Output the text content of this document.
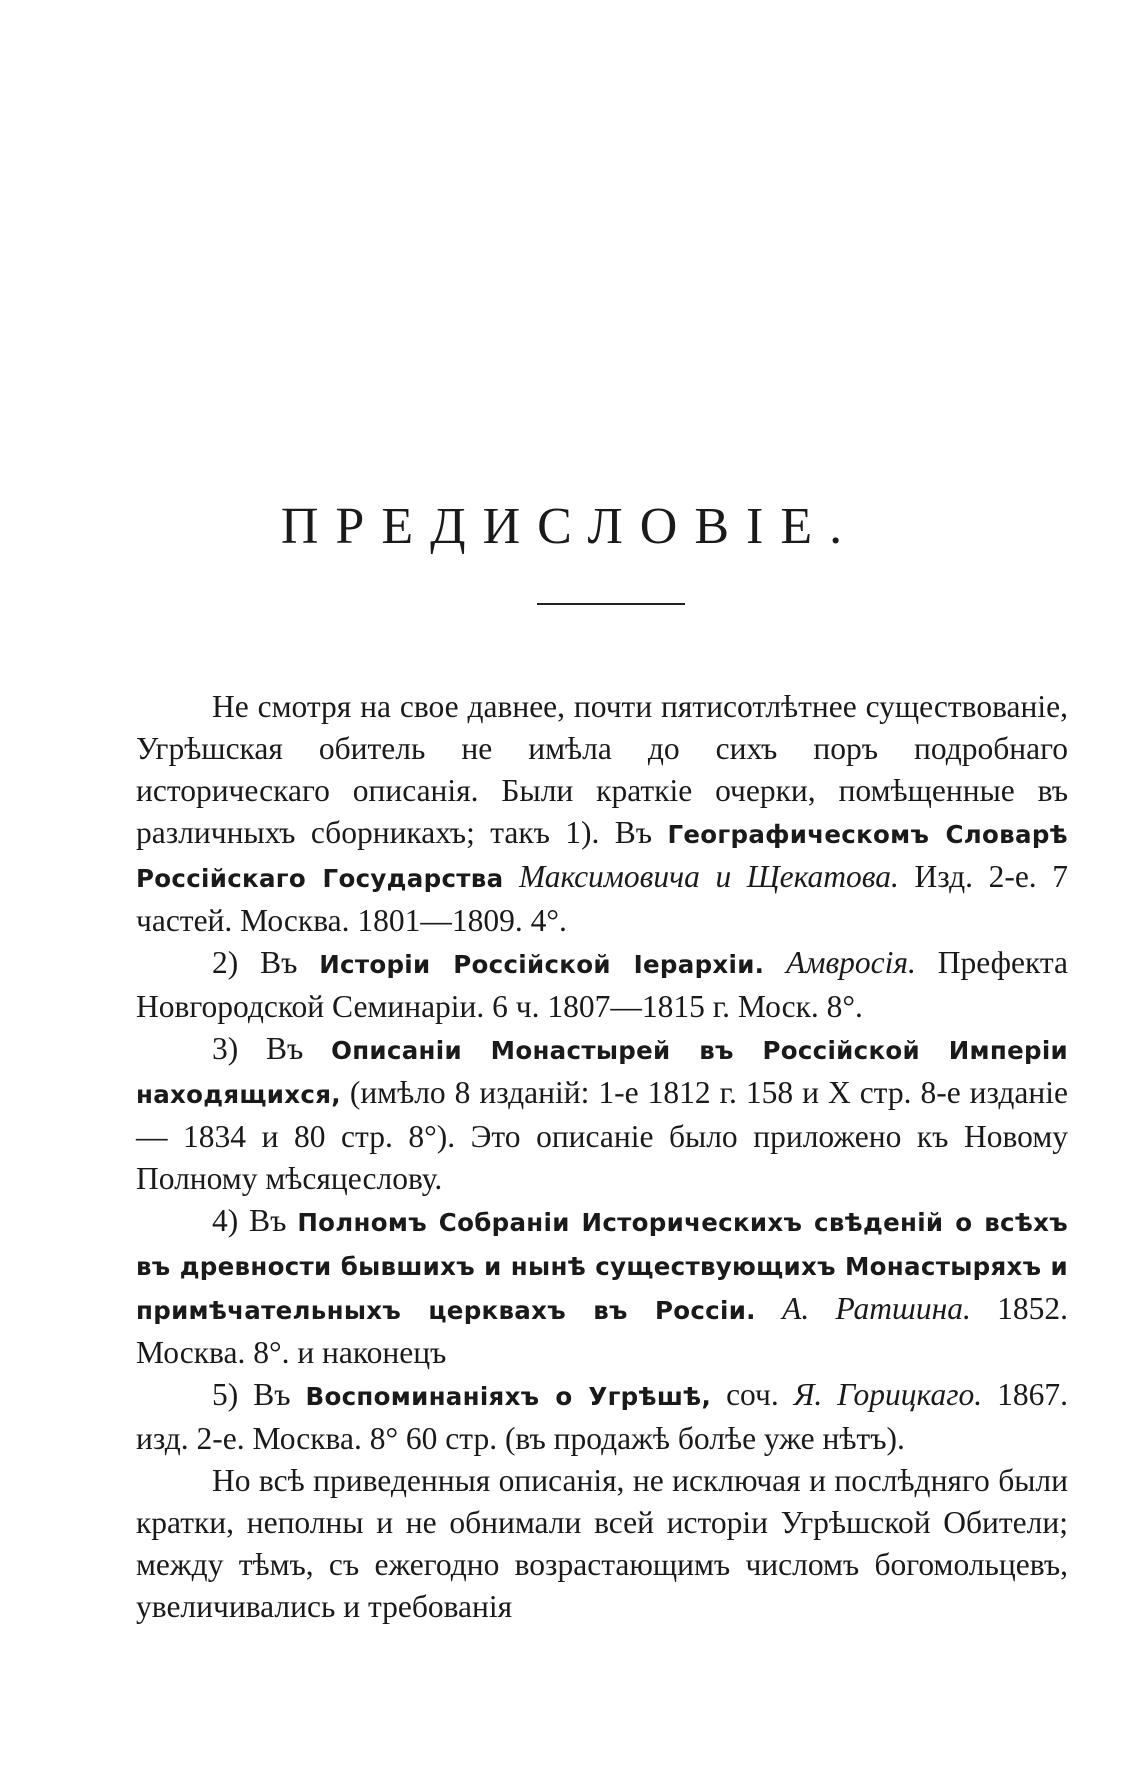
ПРЕДИСЛОВІЕ.

Не смотря на свое давнее, почти пятисотлѣтнее существованіе, Угрѣшская обитель не имѣла до сихъ поръ подробнаго историческаго описанія. Были краткіе очерки, помѣщенные въ различныхъ сборникахъ; такъ 1). Въ Географическомъ Словарѣ Россійскаго Государства Максимовича и Щекатова. Изд. 2-е. 7 частей. Москва. 1801—1809. 4°.

2) Въ Исторіи Россійской Іерархіи. Амвросія. Префекта Новгородской Семинаріи. 6 ч. 1807—1815 г. Моск. 8°.

3) Въ Описаніи Монастырей въ Россійской Имперіи находящихся, (имѣло 8 изданій: 1-е 1812 г. 158 и X стр. 8-е изданіе — 1834 и 80 стр. 8°). Это описаніе было приложено къ Новому Полному мѣсяцеслову.

4) Въ Полномъ Собраніи Историческихъ свѣденій о всѣхъ въ древности бывшихъ и нынѣ существующихъ Монастыряхъ и примѣчательныхъ церквахъ въ Россіи. А. Ратшина. 1852. Москва. 8°. и наконецъ

5) Въ Воспоминаніяхъ о Угрѣшѣ, соч. Я. Горицкаго. 1867. изд. 2-е. Москва. 8° 60 стр. (въ продажѣ болѣе уже нѣтъ).

Но всѣ приведенныя описанія, не исключая и послѣдняго были кратки, неполны и не обнимали всей исторіи Угрѣшской Обители; между тѣмъ, съ ежегодно возрастающимъ числомъ богомольцевъ, увеличивались и требованія
